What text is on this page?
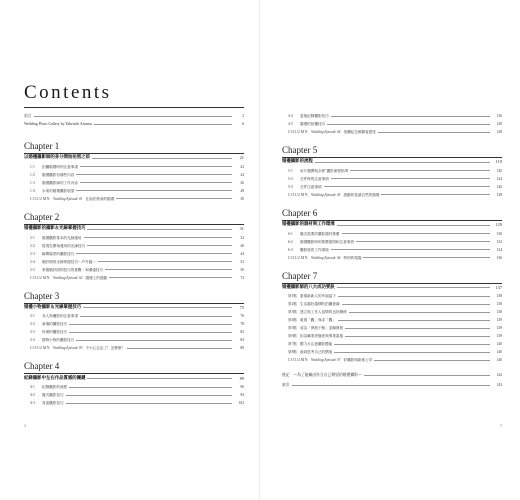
Contents
前言	2
Wedding Photo Gallery by Takeuchi Atsuma	6
Chapter 1
以婚禮攝影師的身分開始拍照之前	21
1-1	拍攝婚禮時的注意事項	22
1-2	婚禮攝影有哪些內容	24
1-3	婚禮攝影師的工作內容	26
1-4	未來的婚禮攝影展望	28
COLUMN Wedding Episode 01 在南法教會的婚禮	30
Chapter 2
婚禮攝影的攝影＆光線掌握技巧	31
2-1	婚禮攝影基本的光線運用	32
2-2	從現在開始運用的光線技巧	40
2-3	瞬間場景的攝影技巧	44
2-4	婚紗照的光線掌握技巧～戶外篇～	52
2-5	掌握婚紗照的技巧的挑戰・和溝通技巧	56
COLUMN Wedding Episode 02 婚禮上的感動	74
Chapter 3
婚禮小物攝影＆光線掌握技巧	75
3-1	非人物攝影的注意事項	76
3-2	會場的攝影技巧	78
3-3	料理的攝影技巧	82
3-4	靜物小物的攝影技巧	84
COLUMN Wedding Episode 03 不小心忘記了！怎麼辦！	88
Chapter 4
紀錄攝影中左右作品質感的關鍵	89
4-1	紀錄攝影的流程	90
4-2	儀式攝影技巧	94
4-3	喜宴攝影技巧	102
4
4-4	宴後紀錄攝影技巧	116
4-5	儀禮的拍攝技巧	120
COLUMN Wedding Episode 04 拍攝紀念照顧客感受	128
Chapter 5
婚禮攝影的流程	119
5-1	用片選擇與全程"攝影流程指導	120
5-2	交件時的注意事項	124
5-3	交件注意事項	126
COLUMN Wedding Episode 05 感動的是讓自然的婚禮	128
Chapter 6
婚禮攝影的器材與工作環境	129
6-1	儀式需要的攝影器材推薦	130
6-2	婚禮攝影時的推薦規則和注意事項	132
6-3	攝影後的工作環境	134
COLUMN Wedding Episode 06 特別的現場	136
Chapter 7
婚禮攝影師的八大成功要訣	137
第1點 重視新新人的幸福當下	138
第2點 生活越好越開的拍攝意識	138
第3點 建立與工作人員間的良好關係	138
第4點 重視「觀」與求「觀」	139
第5點 成為「發展干飯」並聯發展	139
第6點 拓為職業者態度與專業素養	139
第7點 體力＆注意攝影體能	140
第8點 就真思考自己的價值	140
COLUMN Wedding Episode 07 好攝影與新郎公司	140
後記　～為了能輸出符合自己期望的婚禮攝影～	142
索引	143
5
